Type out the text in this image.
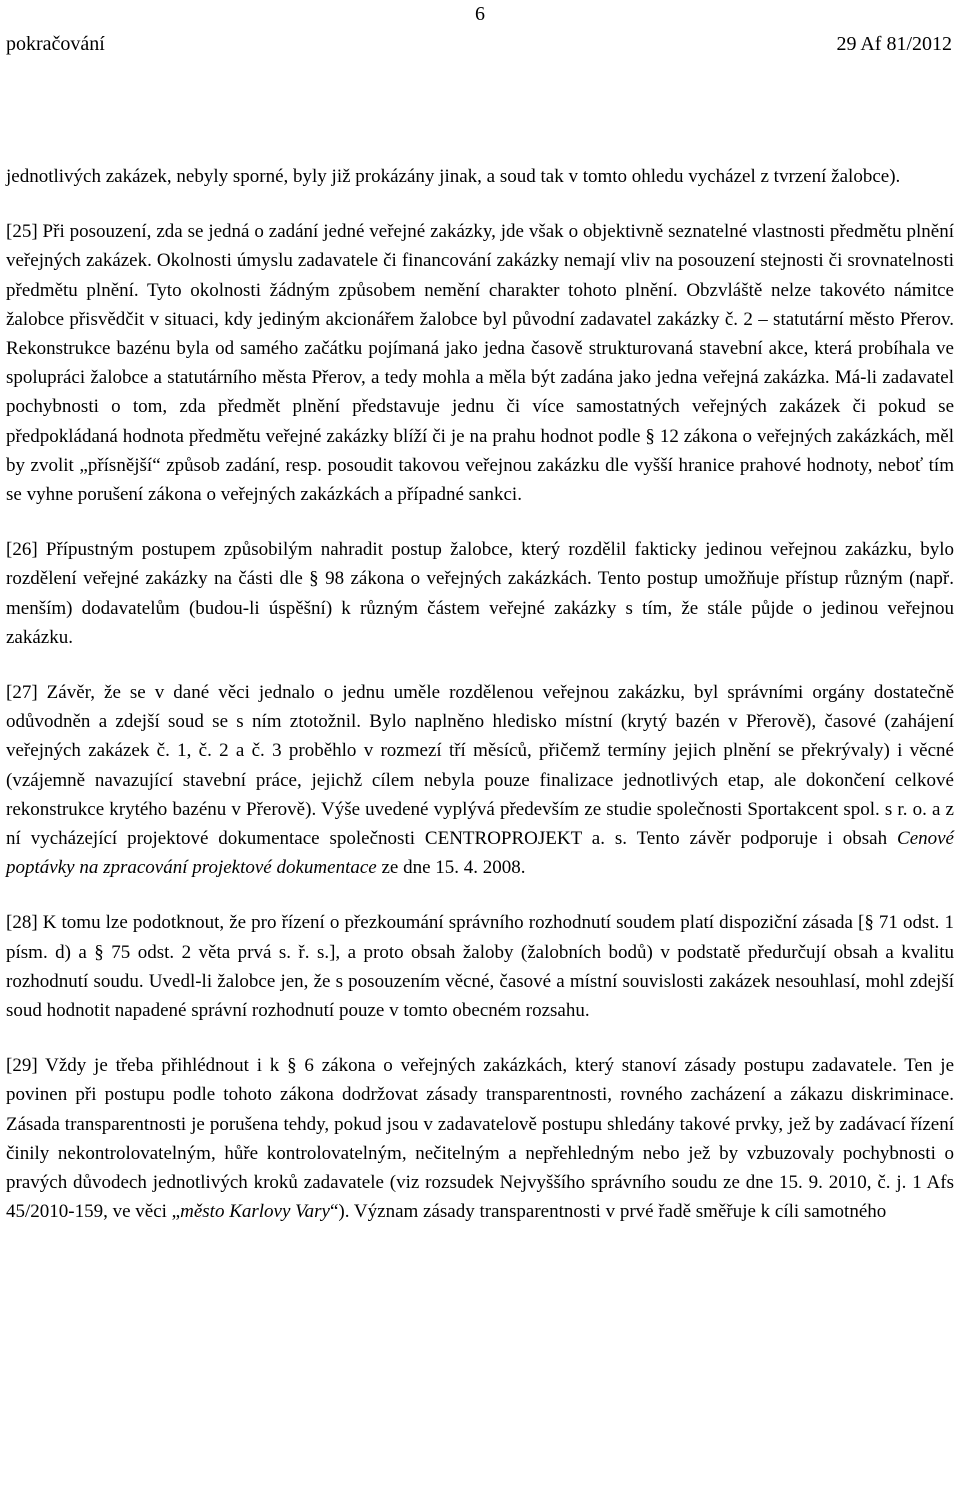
6
pokračování	29 Af 81/2012

jednotlivých zakázek, nebyly sporné, byly již prokázány jinak, a soud tak v tomto ohledu vycházel z tvrzení žalobce).

[25] Při posouzení, zda se jedná o zadání jedné veřejné zakázky, jde však o objektivně seznatelné vlastnosti předmětu plnění veřejných zakázek. Okolnosti úmyslu zadavatele či financování zakázky nemají vliv na posouzení stejnosti či srovnatelnosti předmětu plnění. Tyto okolnosti žádným způsobem nemění charakter tohoto plnění. Obzvláště nelze takovéto námitce žalobce přisvědčit v situaci, kdy jediným akcionářem žalobce byl původní zadavatel zakázky č. 2 – statutární město Přerov. Rekonstrukce bazénu byla od samého začátku pojímaná jako jedna časově strukturovaná stavební akce, která probíhala ve spolupráci žalobce a statutárního města Přerov, a tedy mohla a měla být zadána jako jedna veřejná zakázka. Má-li zadavatel pochybnosti o tom, zda předmět plnění představuje jednu či více samostatných veřejných zakázek či pokud se předpokládaná hodnota předmětu veřejné zakázky blíží či je na prahu hodnot podle § 12 zákona o veřejných zakázkách, měl by zvolit „přísnější“ způsob zadání, resp. posoudit takovou veřejnou zakázku dle vyšší hranice prahové hodnoty, neboť tím se vyhne porušení zákona o veřejných zakázkách a případné sankci.

[26] Přípustným postupem způsobilým nahradit postup žalobce, který rozdělil fakticky jedinou veřejnou zakázku, bylo rozdělení veřejné zakázky na části dle § 98 zákona o veřejných zakázkách. Tento postup umožňuje přístup různým (např. menším) dodavatelům (budou-li úspěšní) k různým částem veřejné zakázky s tím, že stále půjde o jedinou veřejnou zakázku.

[27] Závěr, že se v dané věci jednalo o jednu uměle rozdělenou veřejnou zakázku, byl správními orgány dostatečně odůvodněn a zdejší soud se s ním ztotožnil. Bylo naplněno hledisko místní (krytý bazén v Přerově), časové (zahájení veřejných zakázek č. 1, č. 2 a č. 3 proběhlo v rozmezí tří měsíců, přičemž termíny jejich plnění se překrývaly) i věcné (vzájemně navazující stavební práce, jejichž cílem nebyla pouze finalizace jednotlivých etap, ale dokončení celkové rekonstrukce krytého bazénu v Přerově). Výše uvedené vyplývá především ze studie společnosti Sportakcent spol. s r. o. a z ní vycházející projektové dokumentace společnosti CENTROPROJEKT a. s. Tento závěr podporuje i obsah Cenové poptávky na zpracování projektové dokumentace ze dne 15. 4. 2008.

[28] K tomu lze podotknout, že pro řízení o přezkoumání správního rozhodnutí soudem platí dispoziční zásada [§ 71 odst. 1 písm. d) a § 75 odst. 2 věta prvá s. ř. s.], a proto obsah žaloby (žalobních bodů) v podstatě předurčují obsah a kvalitu rozhodnutí soudu. Uvedl-li žalobce jen, že s posouzením věcné, časové a místní souvislosti zakázek nesouhlasí, mohl zdejší soud hodnotit napadené správní rozhodnutí pouze v tomto obecném rozsahu.

[29] Vždy je třeba přihlédnout i k § 6 zákona o veřejných zakázkách, který stanoví zásady postupu zadavatele. Ten je povinen při postupu podle tohoto zákona dodržovat zásady transparentnosti, rovného zacházení a zákazu diskriminace. Zásada transparentnosti je porušena tehdy, pokud jsou v zadavatelově postupu shledány takové prvky, jež by zadávací řízení činily nekontrolovatelným, hůře kontrolovatelným, nečitelným a nepřehledným nebo jež by vzbuzovaly pochybnosti o pravých důvodech jednotlivých kroků zadavatele (viz rozsudek Nejvyššího správního soudu ze dne 15. 9. 2010, č. j. 1 Afs 45/2010-159, ve věci „město Karlovy Vary“). Význam zásady transparentnosti v prvé řadě směřuje k cíli samotného
